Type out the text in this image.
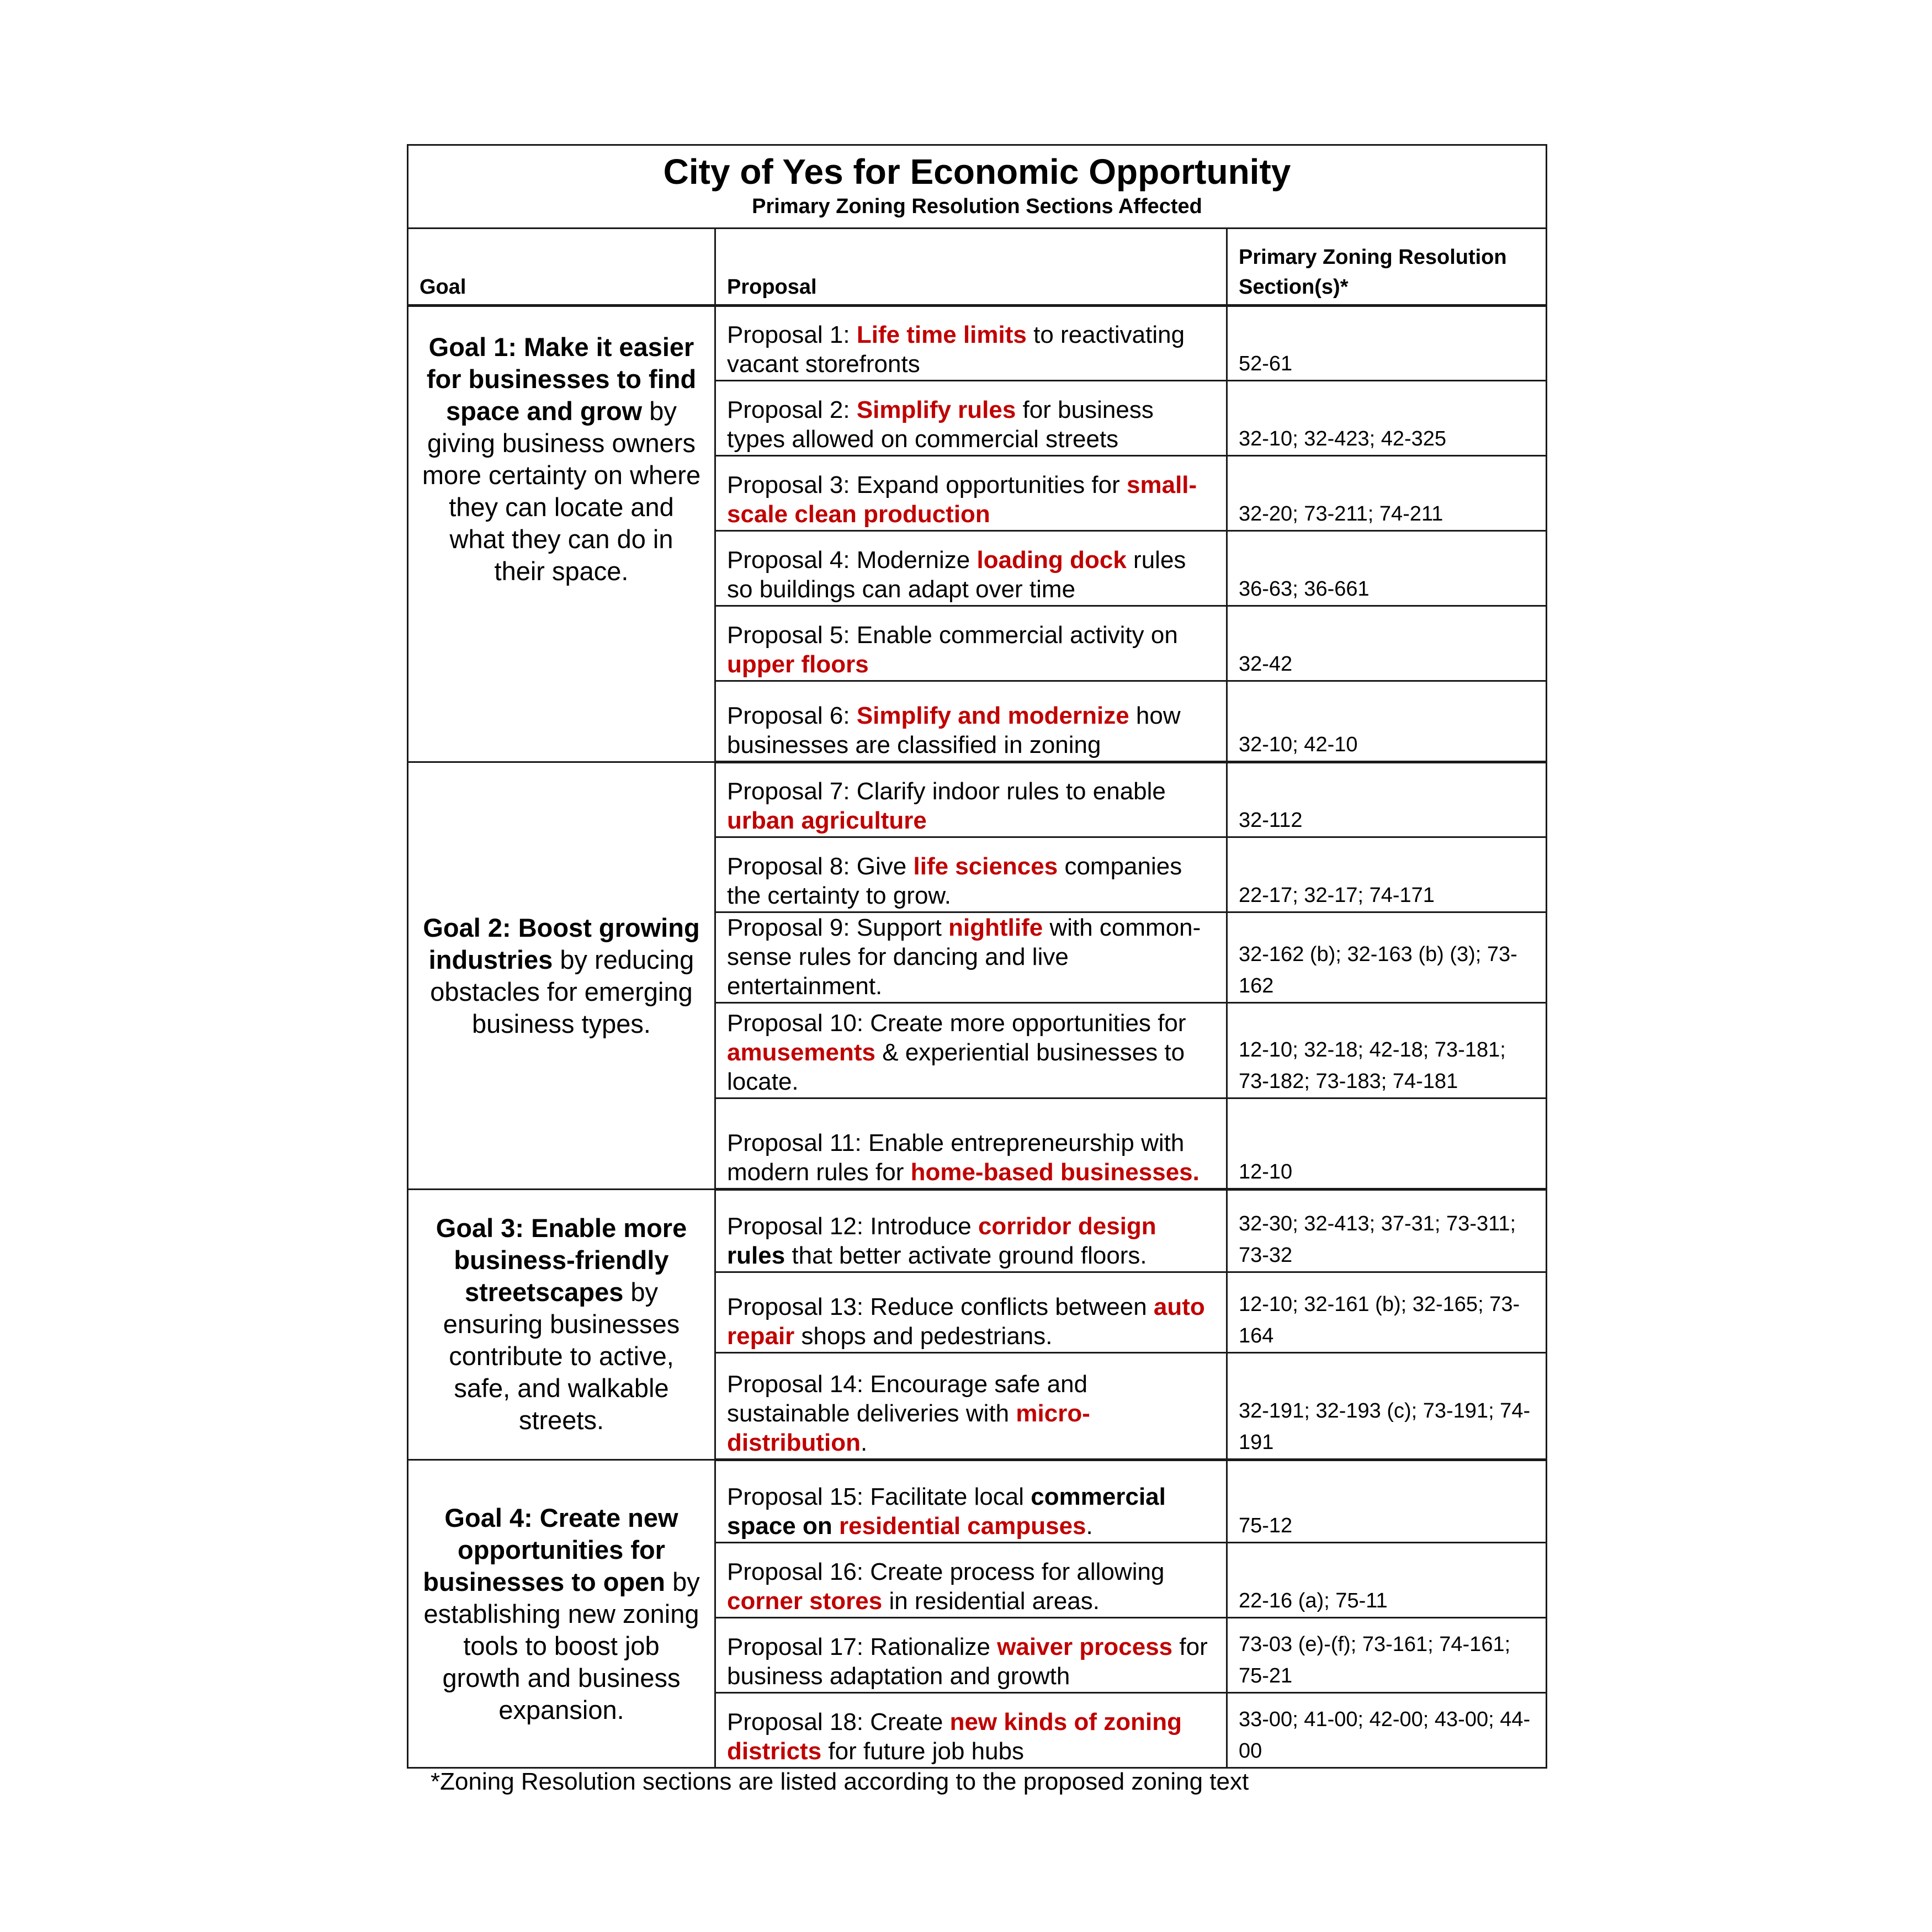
City of Yes for Economic Opportunity
Primary Zoning Resolution Sections Affected		

Goal	Proposal	Primary Zoning Resolution Section(s)*
Goal 1: Make it easier for businesses to find space and grow by giving business owners more certainty on where they can locate and what they can do in their space.	Proposal 1: Life time limits to reactivating vacant storefronts	52-61
	Proposal 2: Simplify rules for business types allowed on commercial streets	32-10; 32-423; 42-325
	Proposal 3: Expand opportunities for small-scale clean production	32-20; 73-211; 74-211
	Proposal 4: Modernize loading dock rules so buildings can adapt over time	36-63; 36-661
	Proposal 5: Enable commercial activity on upper floors	32-42
	Proposal 6: Simplify and modernize how businesses are classified in zoning	32-10; 42-10
Goal 2: Boost growing industries by reducing obstacles for emerging business types.	Proposal 7: Clarify indoor rules to enable urban agriculture	32-112
	Proposal 8: Give life sciences companies the certainty to grow.	22-17; 32-17; 74-171
	Proposal 9: Support nightlife with common-sense rules for dancing and live entertainment.	32-162 (b); 32-163 (b) (3); 73-162
	Proposal 10: Create more opportunities for amusements & experiential businesses to locate.	12-10; 32-18; 42-18; 73-181; 73-182; 73-183; 74-181
	Proposal 11: Enable entrepreneurship with modern rules for home-based businesses.	12-10
Goal 3: Enable more business-friendly streetscapes by ensuring businesses contribute to active, safe, and walkable streets.	Proposal 12: Introduce corridor design rules that better activate ground floors.	32-30; 32-413; 37-31; 73-311; 73-32
	Proposal 13: Reduce conflicts between auto repair shops and pedestrians.	12-10; 32-161 (b); 32-165; 73-164
	Proposal 14: Encourage safe and sustainable deliveries with micro-distribution.	32-191; 32-193 (c); 73-191; 74-191
Goal 4: Create new opportunities for businesses to open by establishing new zoning tools to boost job growth and business expansion.	Proposal 15: Facilitate local commercial space on residential campuses.	75-12
	Proposal 16: Create process for allowing corner stores in residential areas.	22-16 (a); 75-11
	Proposal 17: Rationalize waiver process for business adaptation and growth	73-03 (e)-(f); 73-161; 74-161; 75-21
	Proposal 18: Create new kinds of zoning districts for future job hubs	33-00; 41-00; 42-00; 43-00; 44-00
*Zoning Resolution sections are listed according to the proposed zoning text
